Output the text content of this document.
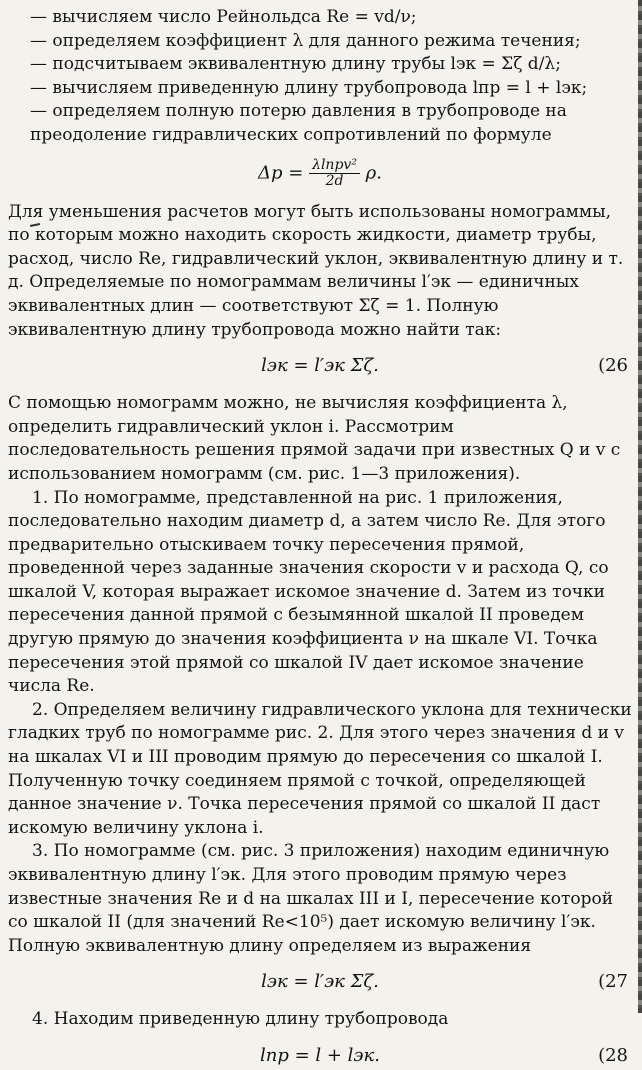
— вычисляем число Рейнольдса Re = vd/ν;

— определяем коэффициент λ для данного режима течения;

— подсчитываем эквивалентную длину трубы lэк = Σζ d/λ;

— вычисляем приведенную длину трубопровода lпр = l + lэк;

— определяем полную потерю давления в трубопроводе на преодоление гидравлических сопротивлений по формуле

$\Delta p = \frac{\text{λlпрv²}}{2d} \rho$.

Для уменьшения расчетов могут быть использованы номограммы, по которым можно находить скорость жидкости, диаметр трубы, расход, число Re, гидравлический уклон, эквивалентную длину и т. д. Определяемые по номограммам величины l′эк — единичных эквивалентных длин — соответствуют Σζ = 1. Полную эквивалентную длину трубопровода можно найти так:

lэк = l′эк Σζ.	(26

С помощью номограмм можно, не вычисляя коэффициента λ, определить гидравлический уклон i. Рассмотрим последовательность решения прямой задачи при известных Q и v с использованием номограмм (см. рис. 1—3 приложения).

1. По номограмме, представленной на рис. 1 приложения, последовательно находим диаметр d, а затем число Re. Для этого предварительно отыскиваем точку пересечения прямой, проведенной через заданные значения скорости v и расхода Q, со шкалой V, которая выражает искомое значение d. Затем из точки пересечения данной прямой с безымянной шкалой II проведем другую прямую до значения коэффициента ν на шкале VI. Точка пересечения этой прямой со шкалой IV дает искомое значение числа Re.

2. Определяем величину гидравлического уклона для технически гладких труб по номограмме рис. 2. Для этого через значения d и v на шкалах VI и III проводим прямую до пересечения со шкалой I. Полученную точку соединяем прямой с точкой, определяющей данное значение ν. Точка пересечения прямой со шкалой II даст искомую величину уклона i.

3. По номограмме (см. рис. 3 приложения) находим единичную эквивалентную длину l′эк. Для этого проводим прямую через известные значения Re и d на шкалах III и I, пересечение которой со шкалой II (для значений Re<10⁵) дает искомую величину l′эк. Полную эквивалентную длину определяем из выражения

lэк = l′эк Σζ.	(27

4. Находим приведенную длину трубопровода

lпр = l + lэк.	(28
